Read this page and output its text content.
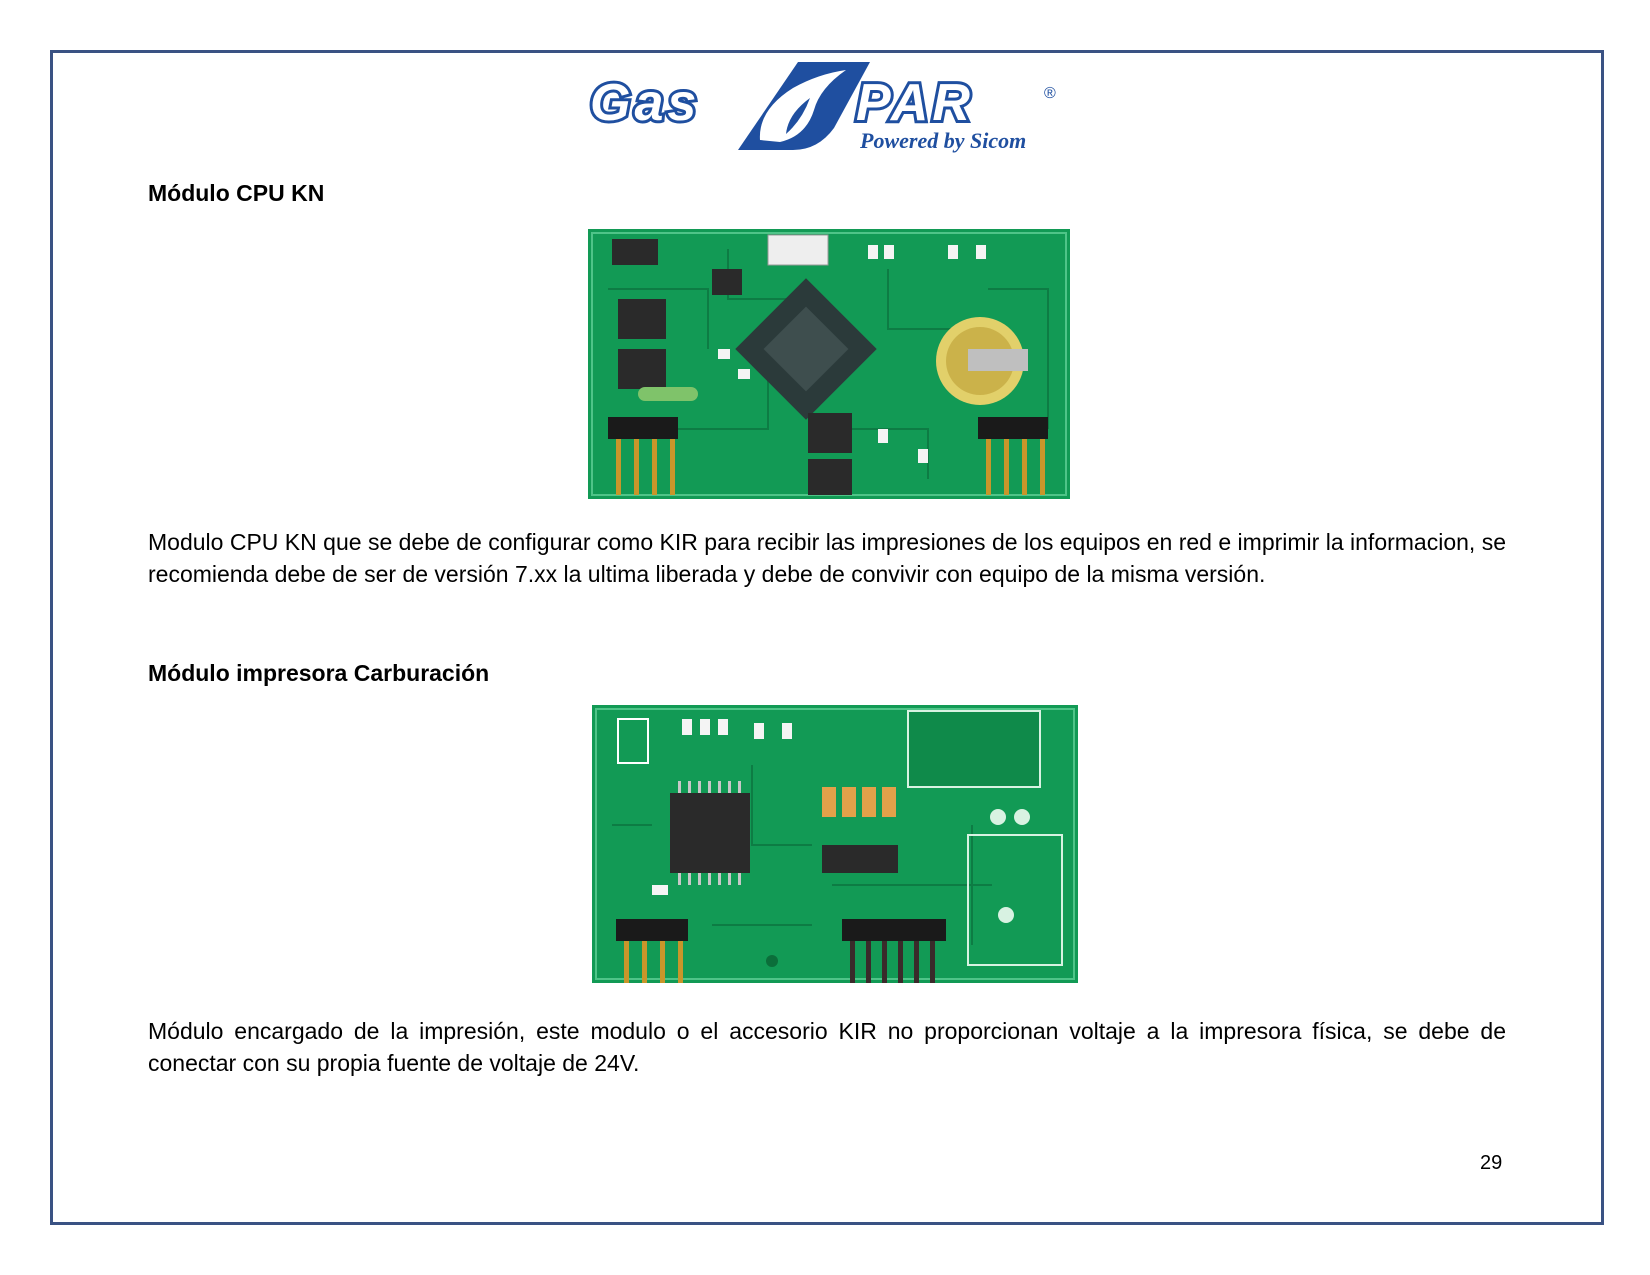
Gas	PAR	®
Powered by Sicom
Módulo CPU KN
Modulo CPU KN que se debe de configurar como KIR para recibir las impresiones de los equipos en red e imprimir la informacion, se recomienda debe de ser de versión 7.xx la ultima liberada y debe de convivir con equipo de la misma versión.
Módulo impresora Carburación
Módulo encargado de la impresión, este modulo o el accesorio KIR no proporcionan voltaje a la impresora física, se debe de conectar con su propia fuente de voltaje de 24V.
29
